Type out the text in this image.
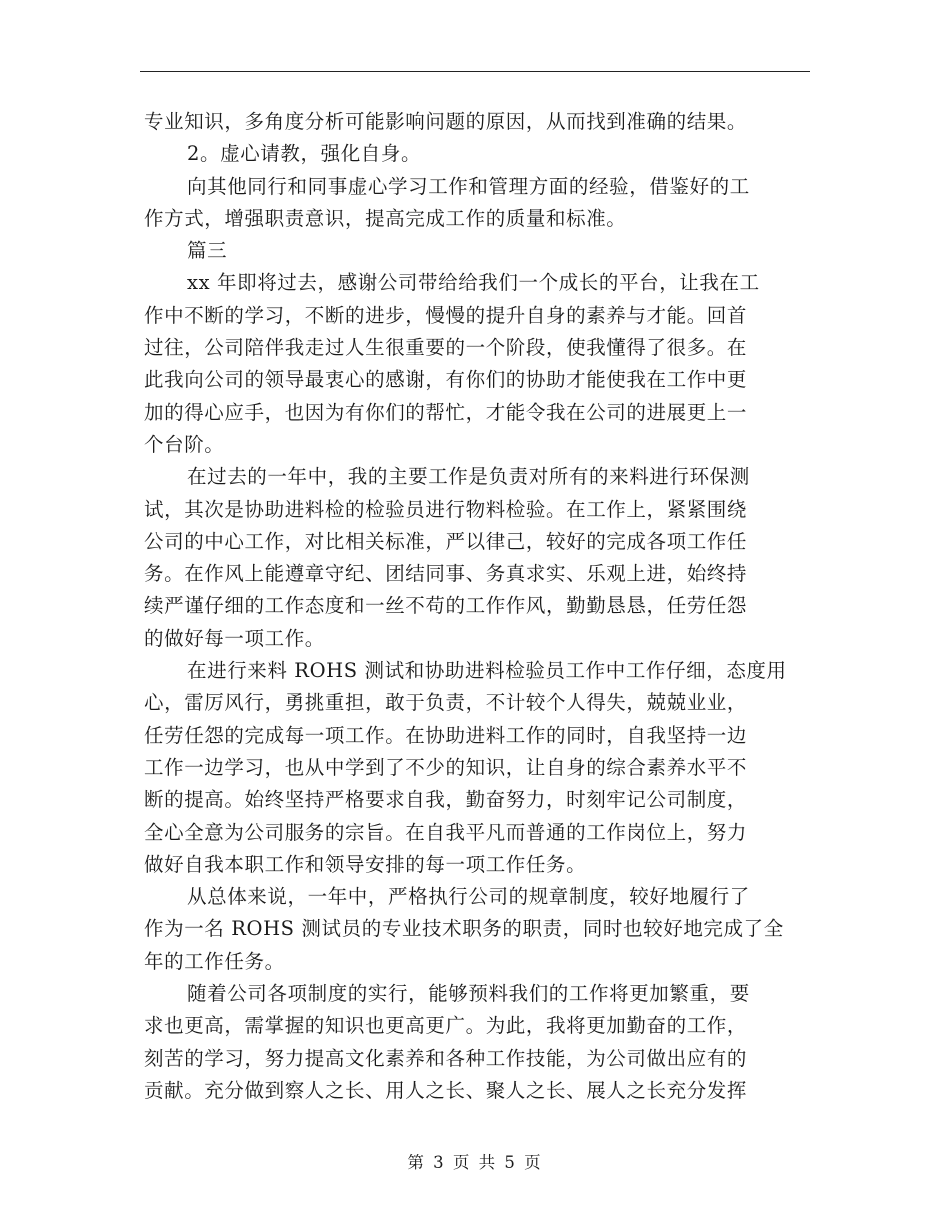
专业知识，多角度分析可能影响问题的原因，从而找到准确的结果。
2。虚心请教，强化自身。
向其他同行和同事虚心学习工作和管理方面的经验，借鉴好的工
作方式，增强职责意识，提高完成工作的质量和标准。
篇三
xx 年即将过去，感谢公司带给给我们一个成长的平台，让我在工
作中不断的学习，不断的进步，慢慢的提升自身的素养与才能。回首
过往，公司陪伴我走过人生很重要的一个阶段，使我懂得了很多。在
此我向公司的领导最衷心的感谢，有你们的协助才能使我在工作中更
加的得心应手，也因为有你们的帮忙，才能令我在公司的进展更上一
个台阶。
在过去的一年中，我的主要工作是负责对所有的来料进行环保测
试，其次是协助进料检的检验员进行物料检验。在工作上，紧紧围绕
公司的中心工作，对比相关标准，严以律己，较好的完成各项工作任
务。在作风上能遵章守纪、团结同事、务真求实、乐观上进，始终持
续严谨仔细的工作态度和一丝不苟的工作作风，勤勤恳恳，任劳任怨
的做好每一项工作。
在进行来料 ROHS 测试和协助进料检验员工作中工作仔细，态度用
心，雷厉风行，勇挑重担，敢于负责，不计较个人得失，兢兢业业，
任劳任怨的完成每一项工作。在协助进料工作的同时，自我坚持一边
工作一边学习，也从中学到了不少的知识，让自身的综合素养水平不
断的提高。始终坚持严格要求自我，勤奋努力，时刻牢记公司制度，
全心全意为公司服务的宗旨。在自我平凡而普通的工作岗位上，努力
做好自我本职工作和领导安排的每一项工作任务。
从总体来说，一年中，严格执行公司的规章制度，较好地履行了
作为一名 ROHS 测试员的专业技术职务的职责，同时也较好地完成了全
年的工作任务。
随着公司各项制度的实行，能够预料我们的工作将更加繁重，要
求也更高，需掌握的知识也更高更广。为此，我将更加勤奋的工作，
刻苦的学习，努力提高文化素养和各种工作技能，为公司做出应有的
贡献。充分做到察人之长、用人之长、聚人之长、展人之长充分发挥
第 3 页 共 5 页
